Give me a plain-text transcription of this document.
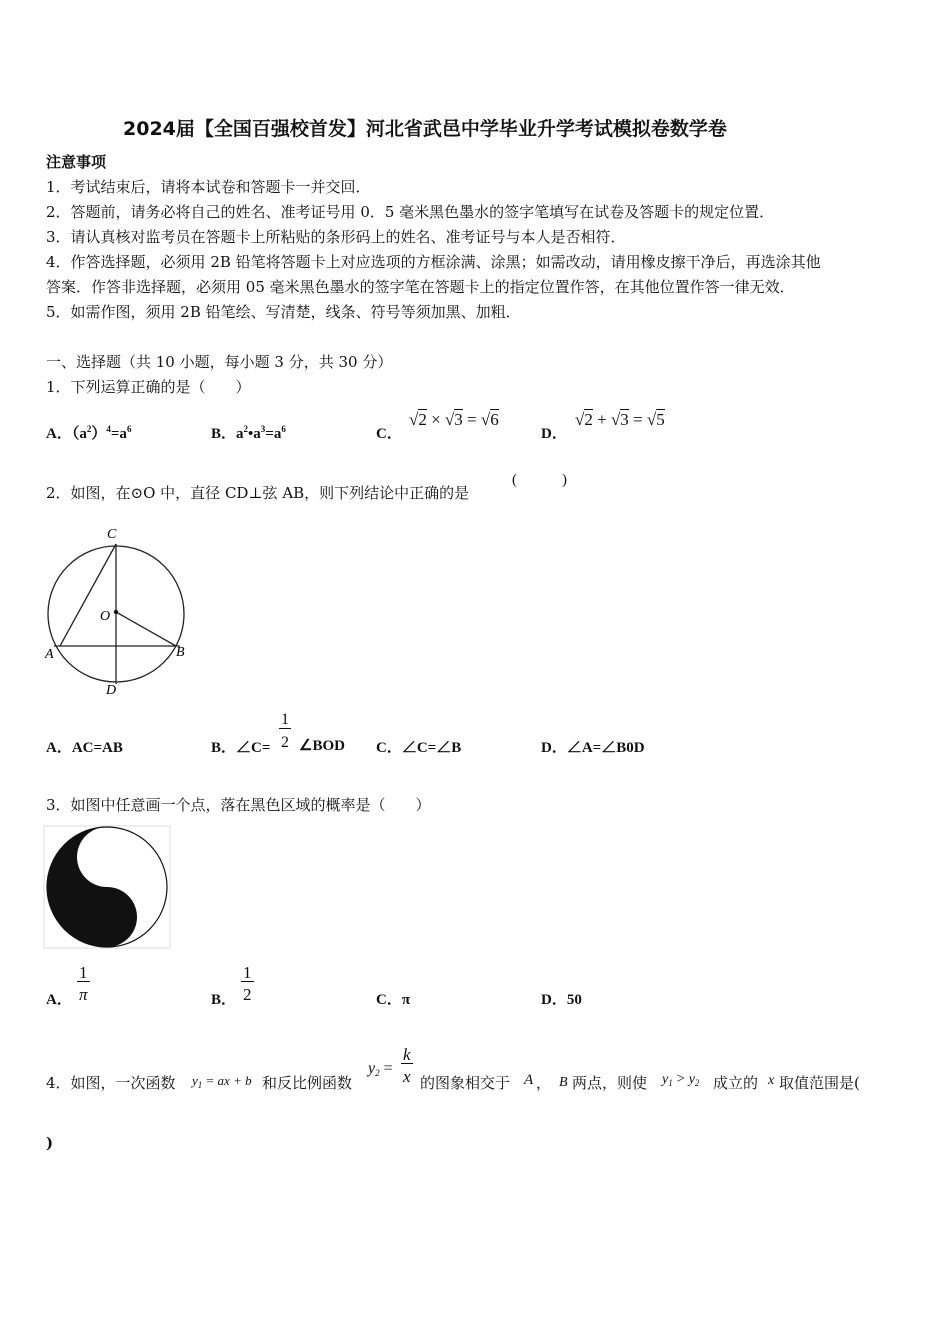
2024届【全国百强校首发】河北省武邑中学毕业升学考试模拟卷数学卷
注意事项
1．考试结束后，请将本试卷和答题卡一并交回．
2．答题前，请务必将自己的姓名、准考证号用 0．5 毫米黑色墨水的签字笔填写在试卷及答题卡的规定位置．
3．请认真核对监考员在答题卡上所粘贴的条形码上的姓名、准考证号与本人是否相符．
4．作答选择题，必须用 2B 铅笔将答题卡上对应选项的方框涂满、涂黑；如需改动，请用橡皮擦干净后，再选涂其他
答案．作答非选择题，必须用 05 毫米黑色墨水的签字笔在答题卡上的指定位置作答，在其他位置作答一律无效．
5．如需作图，须用 2B 铅笔绘、写清楚，线条、符号等须加黑、加粗．
一、选择题（共 10 小题，每小题 3 分，共 30 分）
1．下列运算正确的是（　　）
A．$(a^2)^4=a^6$	B．$a^2•a^3=a^6$	C．
√2 × √3 = √6
D．
√2 + √3 = √5
2．如图，在⊙O 中，直径 CD⊥弦 AB，则下列结论中正确的是
(　　　)
C
O
A	B
D
A．AC=AB	B．∠C= $\frac{1}{2}$ ∠BOD C．∠C=∠B	D．∠A=∠B0D
3．如图中任意画一个点，落在黑色区域的概率是（　　）
A． $\frac{1}{\pi}$	B． $\frac{1}{2}$	C．π	D．50
4．如图，一次函数 $y_1$ = ax + b 和反比例函数
$y_2 = \frac{k}{x}$ 的图象相交于 A ， B 两点，则使 $y_1 > y_2$ 成立的 x 取值范围是(
)
